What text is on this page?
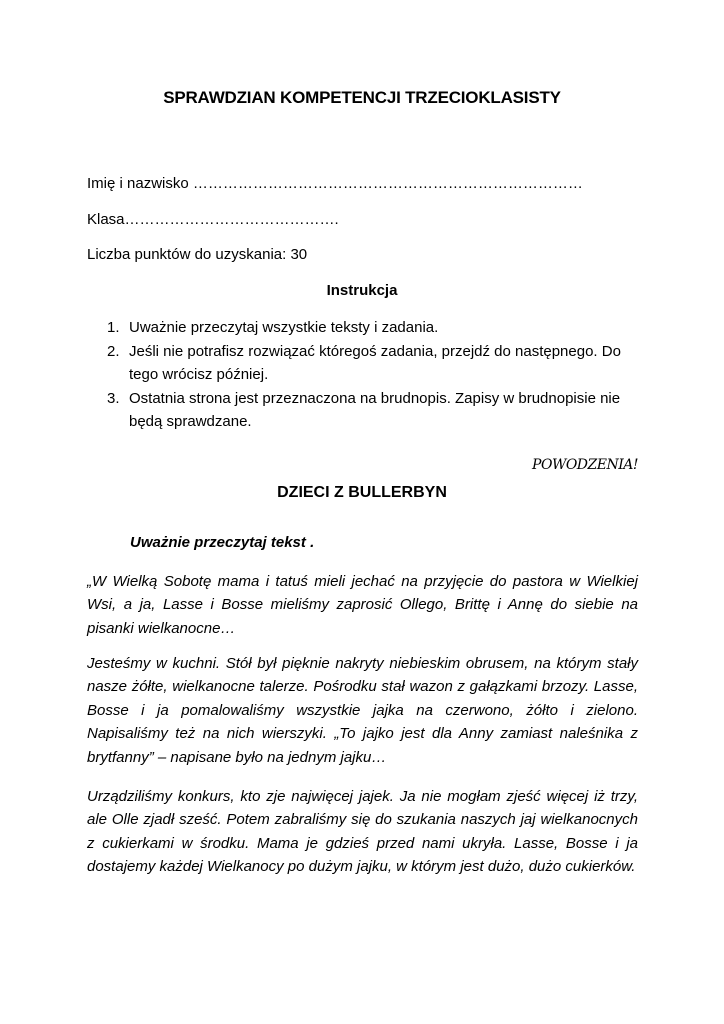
SPRAWDZIAN KOMPETENCJI TRZECIOKLASISTY
Imię i nazwisko ……………………………………………………………………
Klasa…………………………………….
Liczba punktów do uzyskania: 30
Instrukcja
1. Uważnie przeczytaj wszystkie teksty i zadania.
2. Jeśli nie potrafisz rozwiązać któregoś zadania, przejdź do następnego. Do tego wrócisz później.
3. Ostatnia strona jest przeznaczona na brudnopis. Zapisy w brudnopisie nie będą sprawdzane.
POWODZENIA!
DZIECI Z BULLERBYN
Uważnie przeczytaj tekst .

„W Wielką Sobotę mama i tatuś mieli jechać na przyjęcie do pastora w Wielkiej Wsi, a ja, Lasse i Bosse mieliśmy zaprosić Ollego, Brittę i Annę do siebie na pisanki wielkanocne…

Jesteśmy w kuchni. Stół był pięknie nakryty niebieskim obrusem, na którym stały nasze żółte, wielkanocne talerze. Pośrodku stał wazon z gałązkami brzozy. Lasse, Bosse i ja pomalowaliśmy wszystkie jajka na czerwono, żółto i zielono. Napisaliśmy też na nich wierszyki. „To jajko jest dla Anny zamiast naleśnika z brytfanny” – napisane było na jednym jajku…

Urządziliśmy konkurs, kto zje najwięcej jajek. Ja nie mogłam zjeść więcej iż trzy, ale Olle zjadł sześć. Potem zabraliśmy się do szukania naszych jaj wielkanocnych z cukierkami w środku. Mama je gdzieś przed nami ukryła. Lasse, Bosse i ja dostajemy każdej Wielkanocy po dużym jajku, w którym jest dużo, dużo cukierków.
